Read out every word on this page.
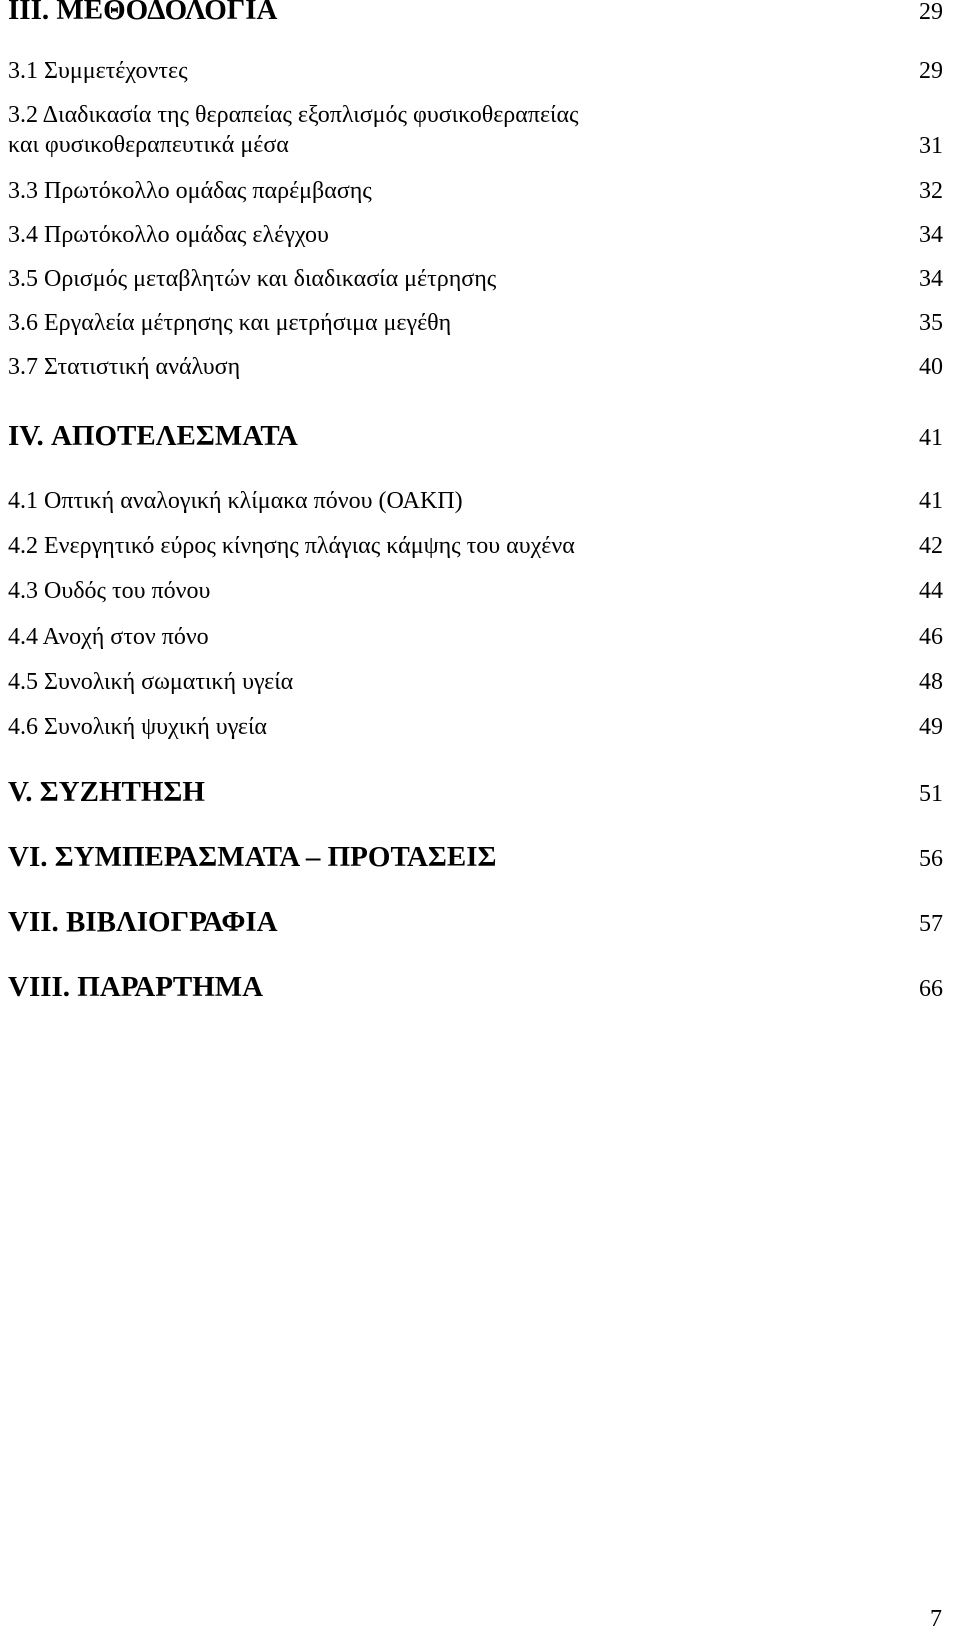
III. ΜΕΘΟΔΟΛΟΓΙΑ	29
3.1 Συμμετέχοντες	29
3.2 Διαδικασία της θεραπείας εξοπλισμός φυσικοθεραπείας
και φυσικοθεραπευτικά μέσα	31
3.3 Πρωτόκολλο ομάδας παρέμβασης	32
3.4 Πρωτόκολλο ομάδας ελέγχου	34
3.5 Ορισμός μεταβλητών και διαδικασία μέτρησης	34
3.6 Εργαλεία μέτρησης και μετρήσιμα μεγέθη	35
3.7 Στατιστική ανάλυση	40
IV. ΑΠΟΤΕΛΕΣΜΑΤΑ	41
4.1 Οπτική αναλογική κλίμακα πόνου (ΟΑΚΠ)	41
4.2 Ενεργητικό εύρος κίνησης πλάγιας κάμψης του αυχένα	42
4.3 Ουδός του πόνου	44
4.4 Ανοχή στον πόνο	46
4.5 Συνολική σωματική υγεία	48
4.6 Συνολική ψυχική υγεία	49
V. ΣΥΖΗΤΗΣΗ	51
VI. ΣΥΜΠΕΡΑΣΜΑΤΑ – ΠΡΟΤΑΣΕΙΣ	56
VII. ΒΙΒΛΙΟΓΡΑΦΙΑ	57
VIII. ΠΑΡΑΡΤΗΜΑ	66
7
